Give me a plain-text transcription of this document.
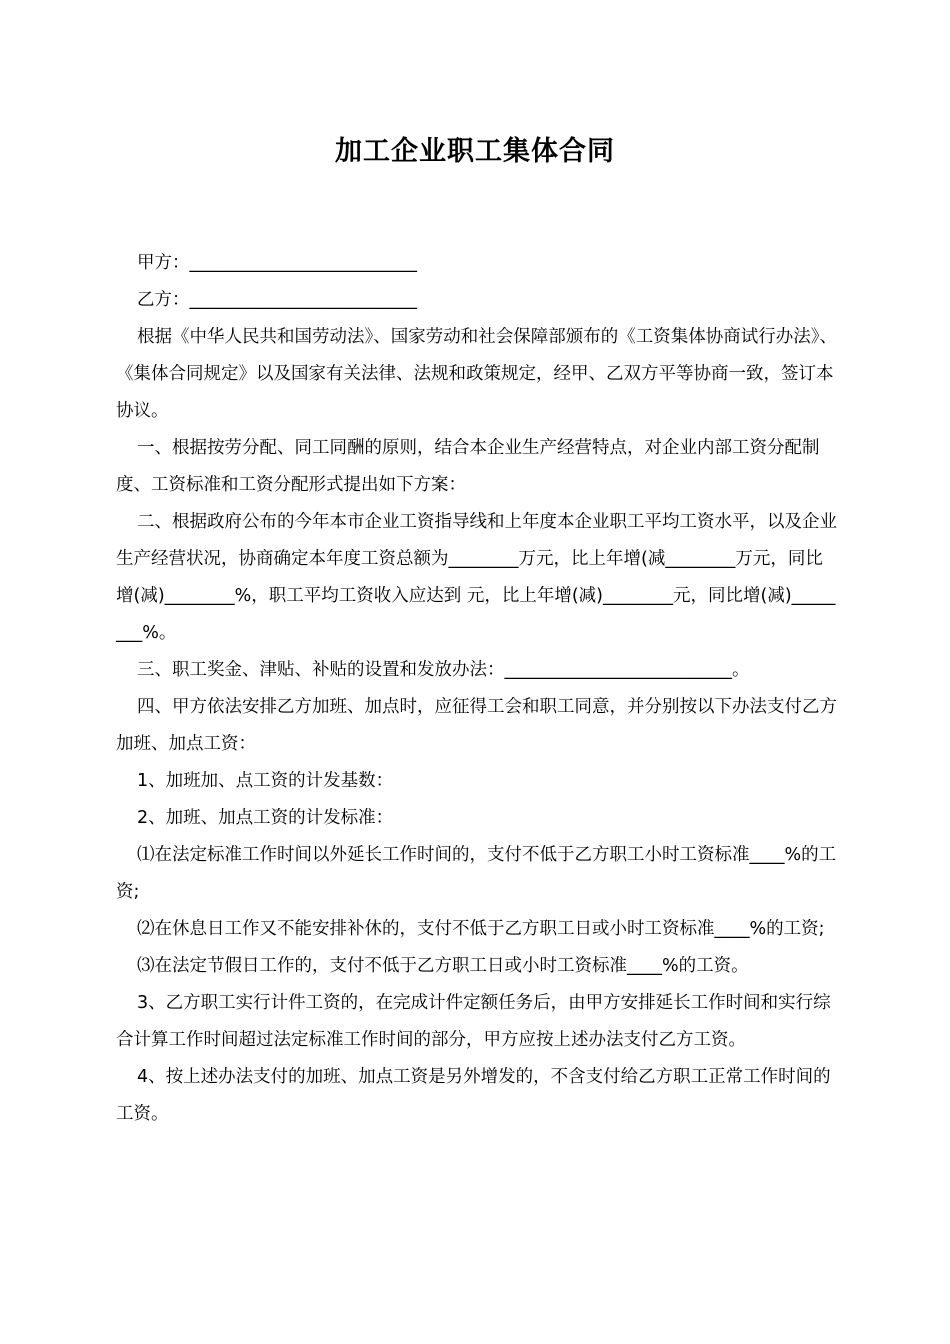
加工企业职工集体合同

甲方：__________________________

乙方：__________________________

根据《中华人民共和国劳动法》、国家劳动和社会保障部颁布的《工资集体协商试行办法》、《集体合同规定》以及国家有关法律、法规和政策规定，经甲、乙双方平等协商一致，签订本协议。

一、根据按劳分配、同工同酬的原则，结合本企业生产经营特点，对企业内部工资分配制度、工资标准和工资分配形式提出如下方案：

二、根据政府公布的今年本市企业工资指导线和上年度本企业职工平均工资水平，以及企业生产经营状况，协商确定本年度工资总额为________万元，比上年增(减________万元，同比增(减)________%，职工平均工资收入应达到 元，比上年增(减)________元，同比增(减)________%。

三、职工奖金、津贴、补贴的设置和发放办法：__________________________。

四、甲方依法安排乙方加班、加点时，应征得工会和职工同意，并分别按以下办法支付乙方加班、加点工资：

1、加班加、点工资的计发基数：

2、加班、加点工资的计发标准：

⑴在法定标准工作时间以外延长工作时间的，支付不低于乙方职工小时工资标准____%的工资;

⑵在休息日工作又不能安排补休的，支付不低于乙方职工日或小时工资标准____%的工资;

⑶在法定节假日工作的，支付不低于乙方职工日或小时工资标准____%的工资。

3、乙方职工实行计件工资的，在完成计件定额任务后，由甲方安排延长工作时间和实行综合计算工作时间超过法定标准工作时间的部分，甲方应按上述办法支付乙方工资。

4、按上述办法支付的加班、加点工资是另外增发的，不含支付给乙方职工正常工作时间的工资。
